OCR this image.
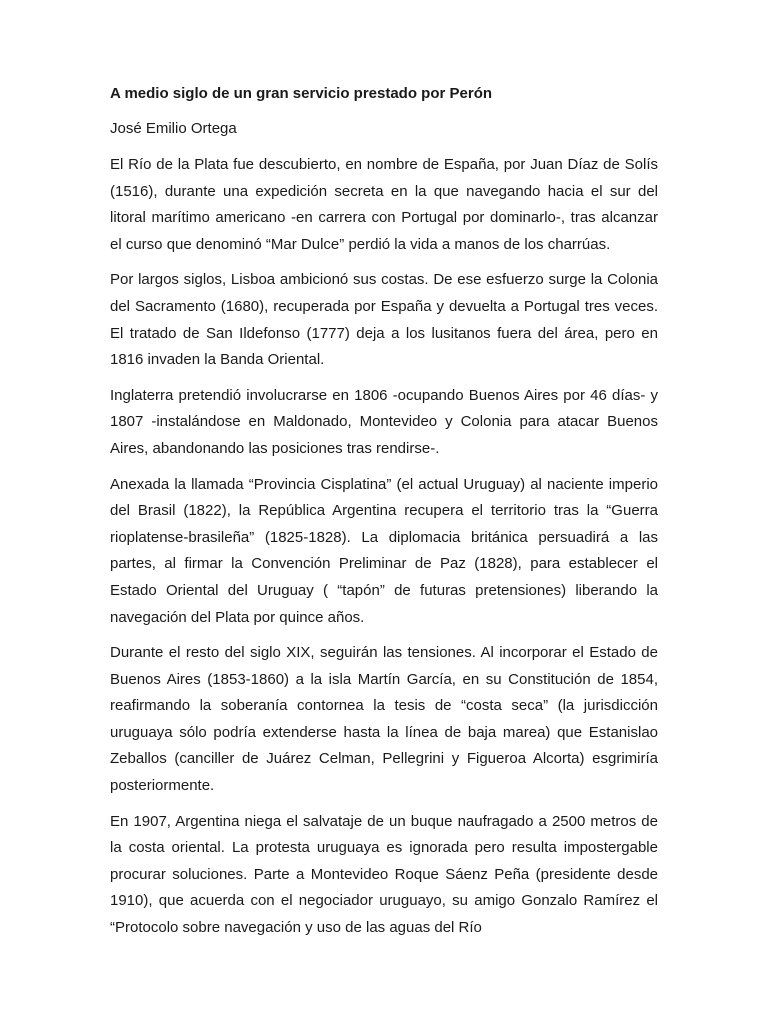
A medio siglo de un gran servicio prestado por Perón

José Emilio Ortega

El Río de la Plata fue descubierto, en nombre de España, por Juan Díaz de Solís (1516), durante una expedición secreta en la que navegando hacia el sur del litoral marítimo americano -en carrera con Portugal por dominarlo-, tras alcanzar el curso que denominó “Mar Dulce” perdió la vida a manos de los charrúas.

Por largos siglos, Lisboa ambicionó sus costas. De ese esfuerzo surge la Colonia del Sacramento (1680), recuperada por España y devuelta a Portugal tres veces. El tratado de San Ildefonso (1777) deja a los lusitanos fuera del área, pero en 1816 invaden la Banda Oriental.

Inglaterra pretendió involucrarse en 1806 -ocupando Buenos Aires por 46 días- y 1807 -instalándose en Maldonado, Montevideo y Colonia para atacar Buenos Aires, abandonando las posiciones tras rendirse-.

Anexada la llamada “Provincia Cisplatina” (el actual Uruguay) al naciente imperio del Brasil (1822), la República Argentina recupera el territorio tras la “Guerra rioplatense-brasileña” (1825-1828). La diplomacia británica persuadirá a las partes, al firmar la Convención Preliminar de Paz (1828), para establecer el Estado Oriental del Uruguay ( “tapón” de futuras pretensiones) liberando la navegación del Plata por quince años.

Durante el resto del siglo XIX, seguirán las tensiones. Al incorporar el Estado de Buenos Aires (1853-1860) a la isla Martín García, en su Constitución de 1854, reafirmando la soberanía contornea la tesis de “costa seca” (la jurisdicción uruguaya sólo podría extenderse hasta la línea de baja marea) que Estanislao Zeballos (canciller de Juárez Celman, Pellegrini y Figueroa Alcorta) esgrimiría posteriormente.

En 1907, Argentina niega el salvataje de un buque naufragado a 2500 metros de la costa oriental. La protesta uruguaya es ignorada pero resulta impostergable procurar soluciones. Parte a Montevideo Roque Sáenz Peña (presidente desde 1910), que acuerda con el negociador uruguayo, su amigo Gonzalo Ramírez el “Protocolo sobre navegación y uso de las aguas del Río
